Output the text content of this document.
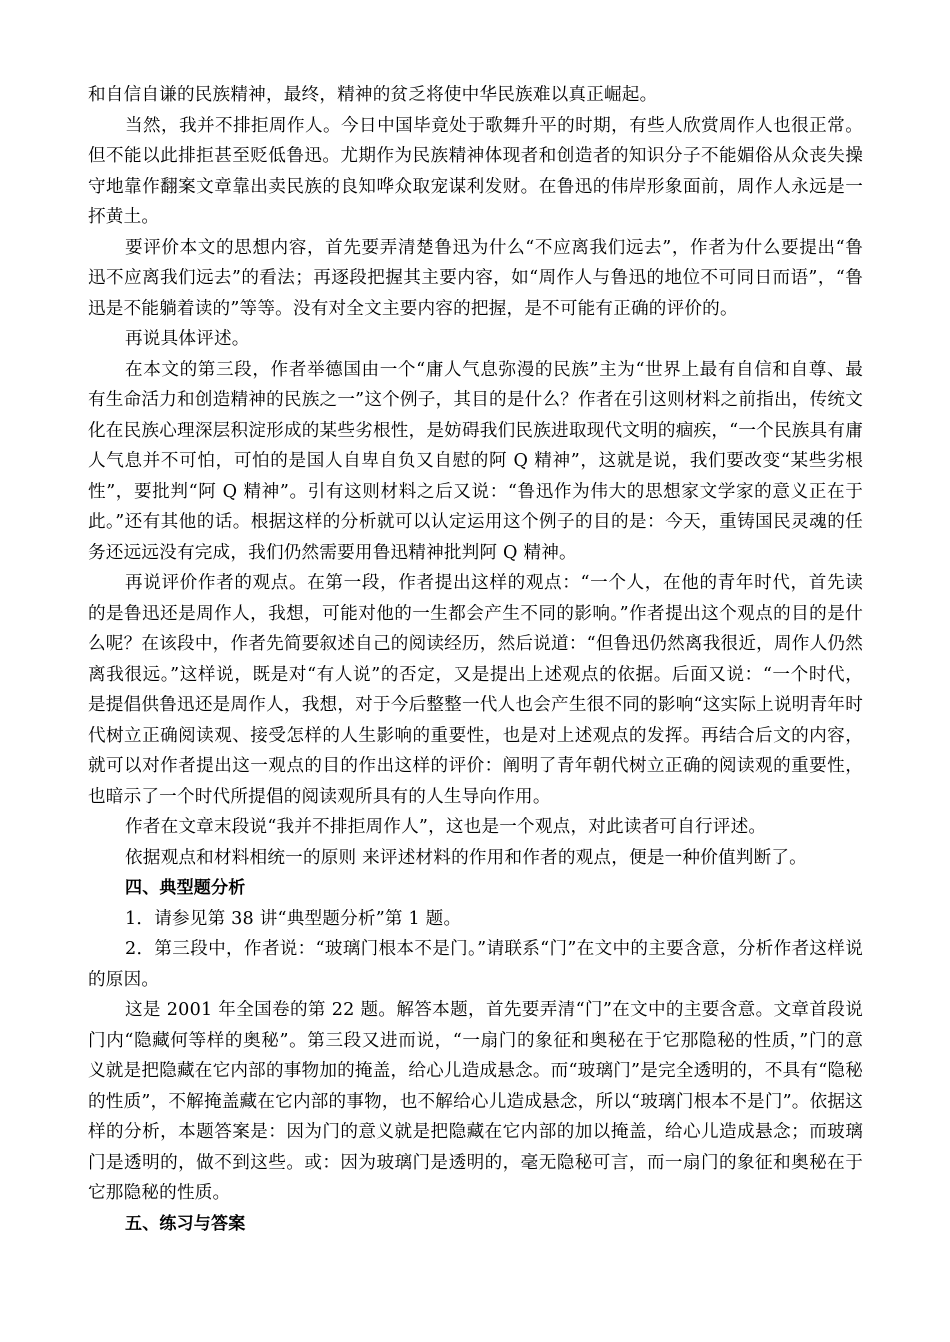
和自信自谦的民族精神，最终，精神的贫乏将使中华民族难以真正崛起。

当然，我并不排拒周作人。今日中国毕竟处于歌舞升平的时期，有些人欣赏周作人也很正常。但不能以此排拒甚至贬低鲁迅。尤期作为民族精神体现者和创造者的知识分子不能媚俗从众丧失操守地靠作翻案文章靠出卖民族的良知哗众取宠谋利发财。在鲁迅的伟岸形象面前，周作人永远是一抔黄土。

要评价本文的思想内容，首先要弄清楚鲁迅为什么“不应离我们远去”，作者为什么要提出“鲁迅不应离我们远去”的看法；再逐段把握其主要内容，如“周作人与鲁迅的地位不可同日而语”，“鲁迅是不能躺着读的”等等。没有对全文主要内容的把握，是不可能有正确的评价的。

再说具体评述。

在本文的第三段，作者举德国由一个“庸人气息弥漫的民族”主为“世界上最有自信和自尊、最有生命活力和创造精神的民族之一”这个例子，其目的是什么？作者在引这则材料之前指出，传统文化在民族心理深层积淀形成的某些劣根性，是妨碍我们民族进取现代文明的痼疾，“一个民族具有庸人气息并不可怕，可怕的是国人自卑自负又自慰的阿 Q 精神”，这就是说，我们要改变“某些劣根性”，要批判“阿 Q 精神”。引有这则材料之后又说：“鲁迅作为伟大的思想家文学家的意义正在于此。”还有其他的话。根据这样的分析就可以认定运用这个例子的目的是：今天，重铸国民灵魂的任务还远远没有完成，我们仍然需要用鲁迅精神批判阿 Q 精神。

再说评价作者的观点。在第一段，作者提出这样的观点：“一个人，在他的青年时代，首先读的是鲁迅还是周作人，我想，可能对他的一生都会产生不同的影响。”作者提出这个观点的目的是什么呢？在该段中，作者先简要叙述自己的阅读经历，然后说道：“但鲁迅仍然离我很近，周作人仍然离我很远。”这样说，既是对“有人说”的否定，又是提出上述观点的依据。后面又说：“一个时代，是提倡供鲁迅还是周作人，我想，对于今后整整一代人也会产生很不同的影响“这实际上说明青年时代树立正确阅读观、接受怎样的人生影响的重要性，也是对上述观点的发挥。再结合后文的内容，就可以对作者提出这一观点的目的作出这样的评价：阐明了青年朝代树立正确的阅读观的重要性，也暗示了一个时代所提倡的阅读观所具有的人生导向作用。

作者在文章末段说“我并不排拒周作人”，这也是一个观点，对此读者可自行评述。

依据观点和材料相统一的原则 来评述材料的作用和作者的观点，便是一种价值判断了。

四、典型题分析

1．请参见第 38 讲“典型题分析”第 1 题。

2．第三段中，作者说：“玻璃门根本不是门。”请联系“门”在文中的主要含意，分析作者这样说的原因。

这是 2001 年全国卷的第 22 题。解答本题，首先要弄清“门”在文中的主要含意。文章首段说门内“隐藏何等样的奥秘”。第三段又进而说，“一扇门的象征和奥秘在于它那隐秘的性质，”门的意义就是把隐藏在它内部的事物加的掩盖，给心儿造成悬念。而“玻璃门”是完全透明的，不具有“隐秘的性质”，不解掩盖藏在它内部的事物，也不解给心儿造成悬念，所以“玻璃门根本不是门”。依据这样的分析，本题答案是：因为门的意义就是把隐藏在它内部的加以掩盖，给心儿造成悬念；而玻璃门是透明的，做不到这些。或：因为玻璃门是透明的，毫无隐秘可言，而一扇门的象征和奥秘在于它那隐秘的性质。

五、练习与答案
